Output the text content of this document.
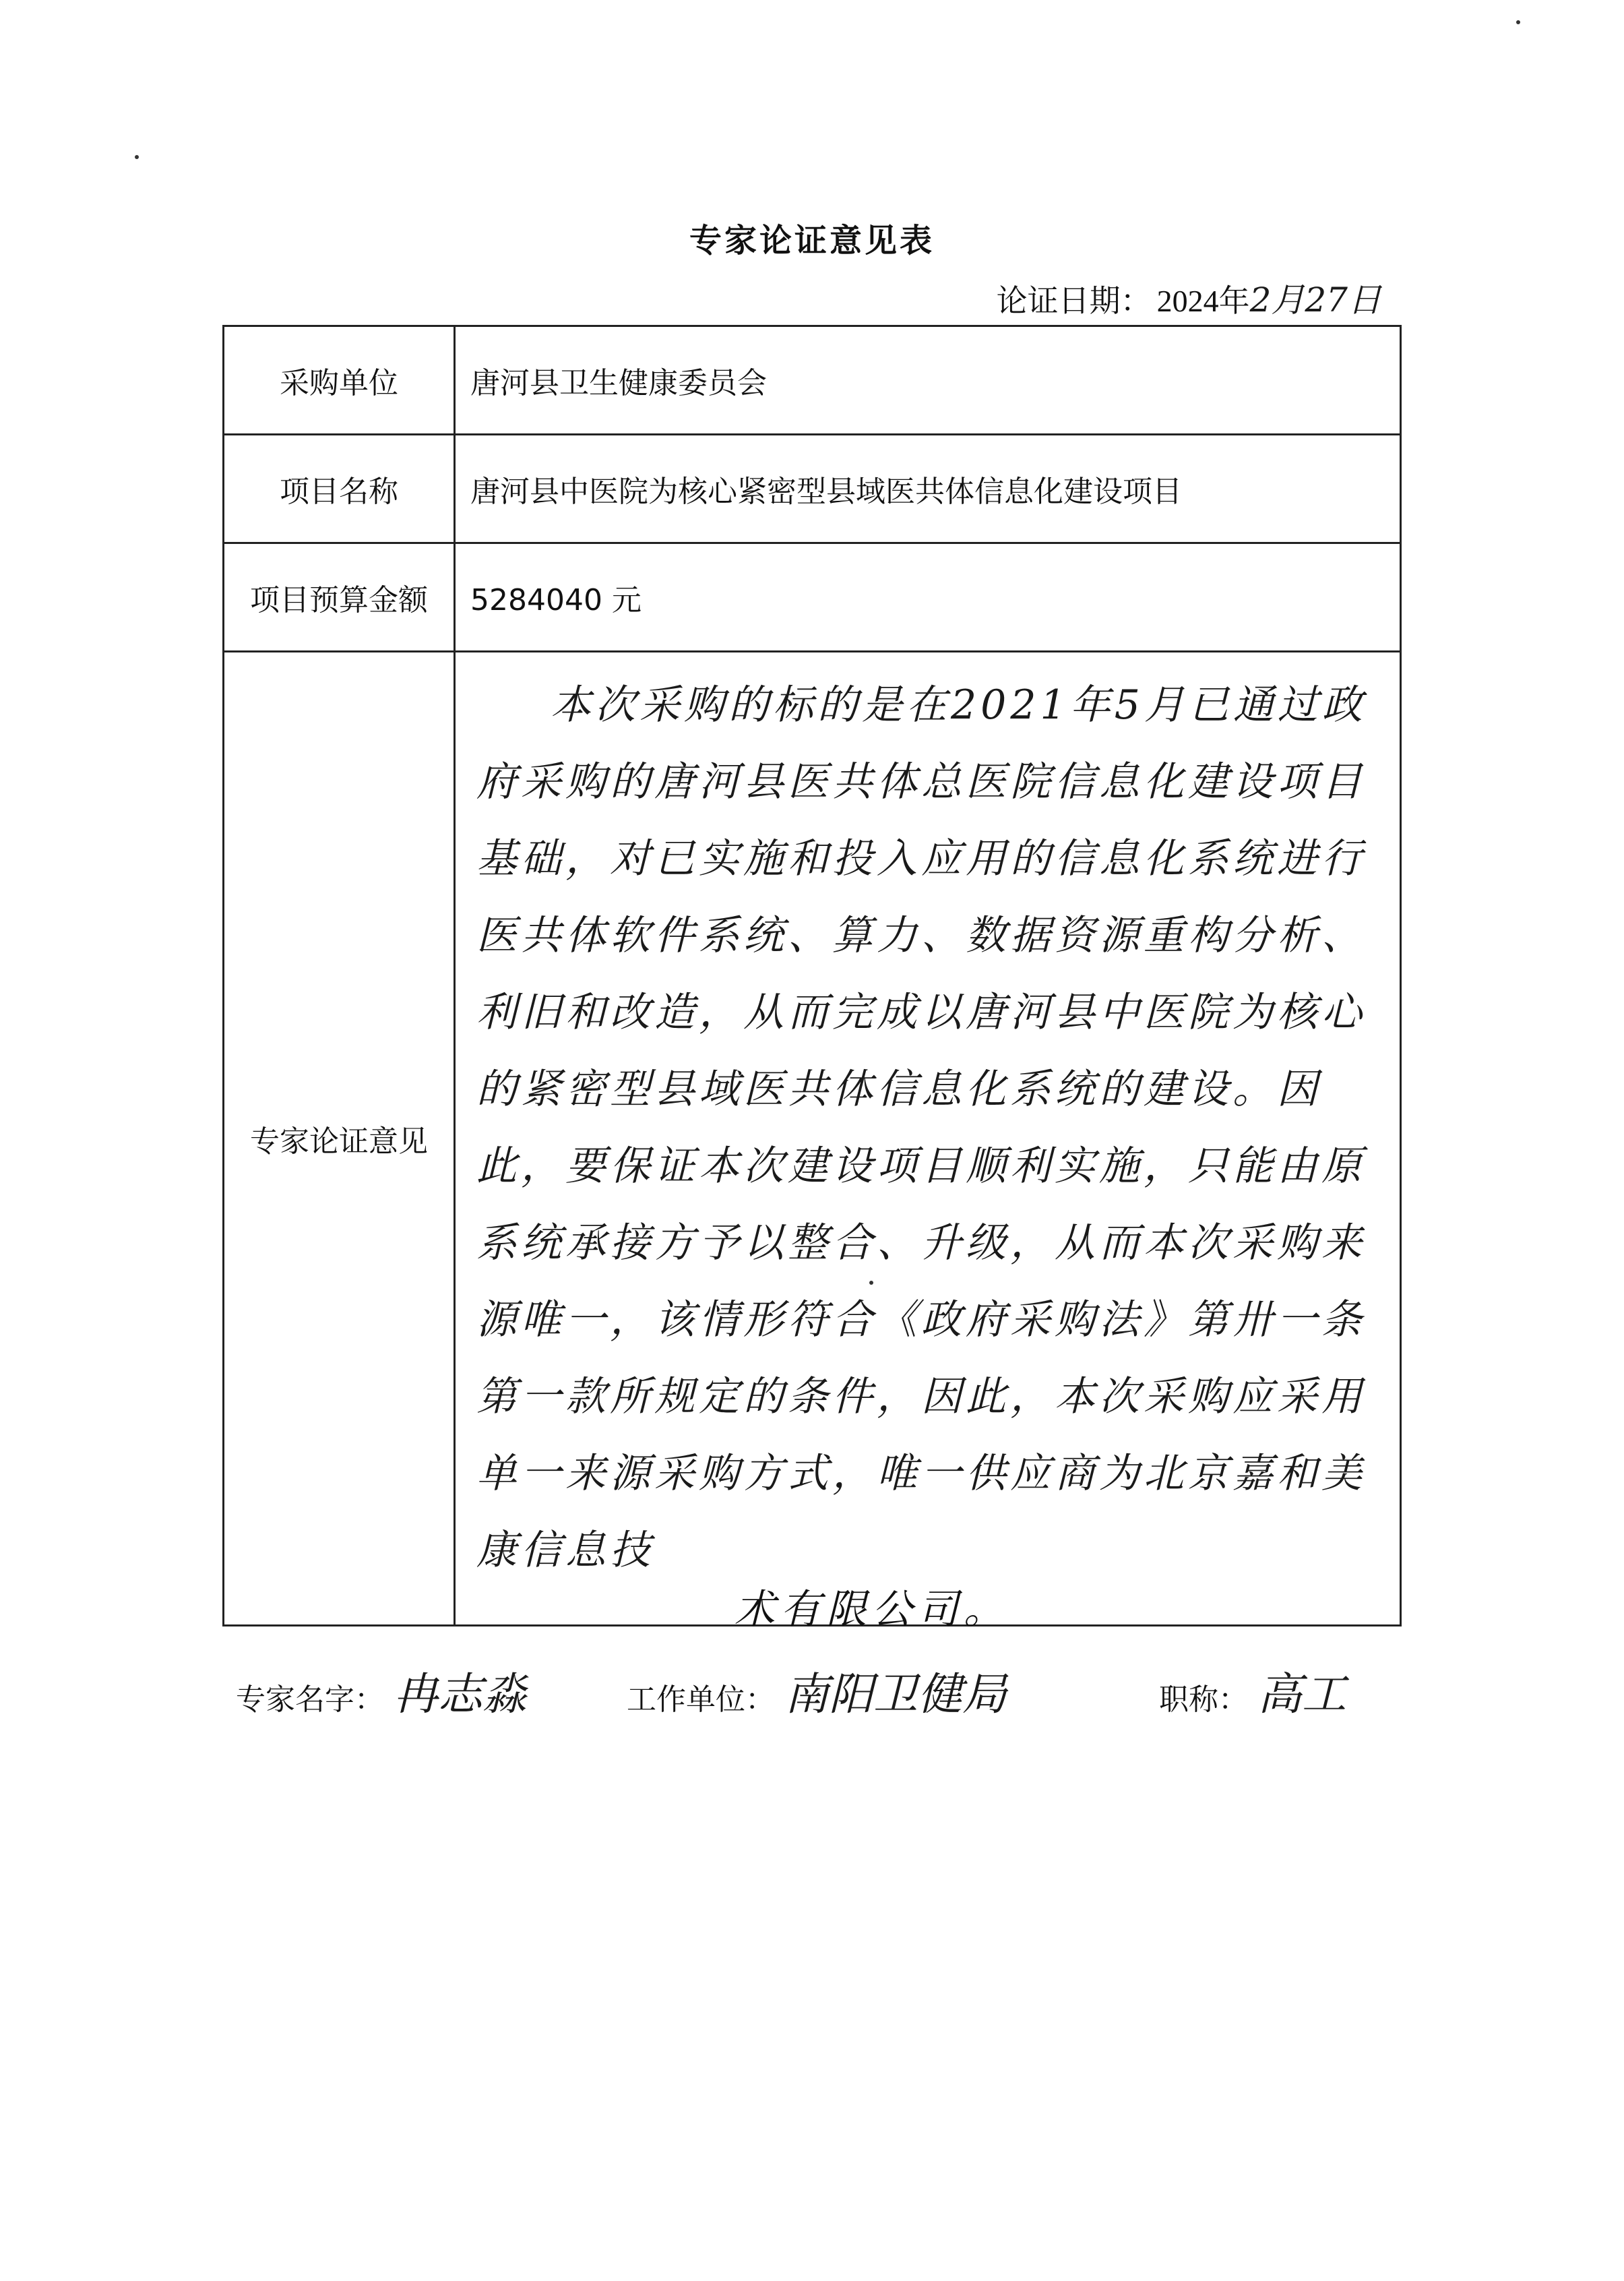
专家论证意见表
论证日期： 2024年2月27日
采购单位	唐河县卫生健康委员会
项目名称	唐河县中医院为核心紧密型县域医共体信息化建设项目
项目预算金额	5284040 元
专家论证意见	本次采购的标的是在2021年5月已通过政府采购的唐河县医共体总医院信息化建设项目基础，对已实施和投入应用的信息化系统进行医共体软件系统、算力、数据资源重构分析、利旧和改造，从而完成以唐河县中医院为核心的紧密型县域医共体信息化系统的建设。因此，要保证本次建设项目顺利实施，只能由原系统承接方予以整合、升级，从而本次采购来源唯一，该情形符合《政府采购法》第卅一条第一款所规定的条件，因此，本次采购应采用单一来源采购方式，唯一供应商为北京嘉和美康信息技
术有限公司。
专家名字： 冉志淼	工作单位： 南阳卫健局	职称： 高工
